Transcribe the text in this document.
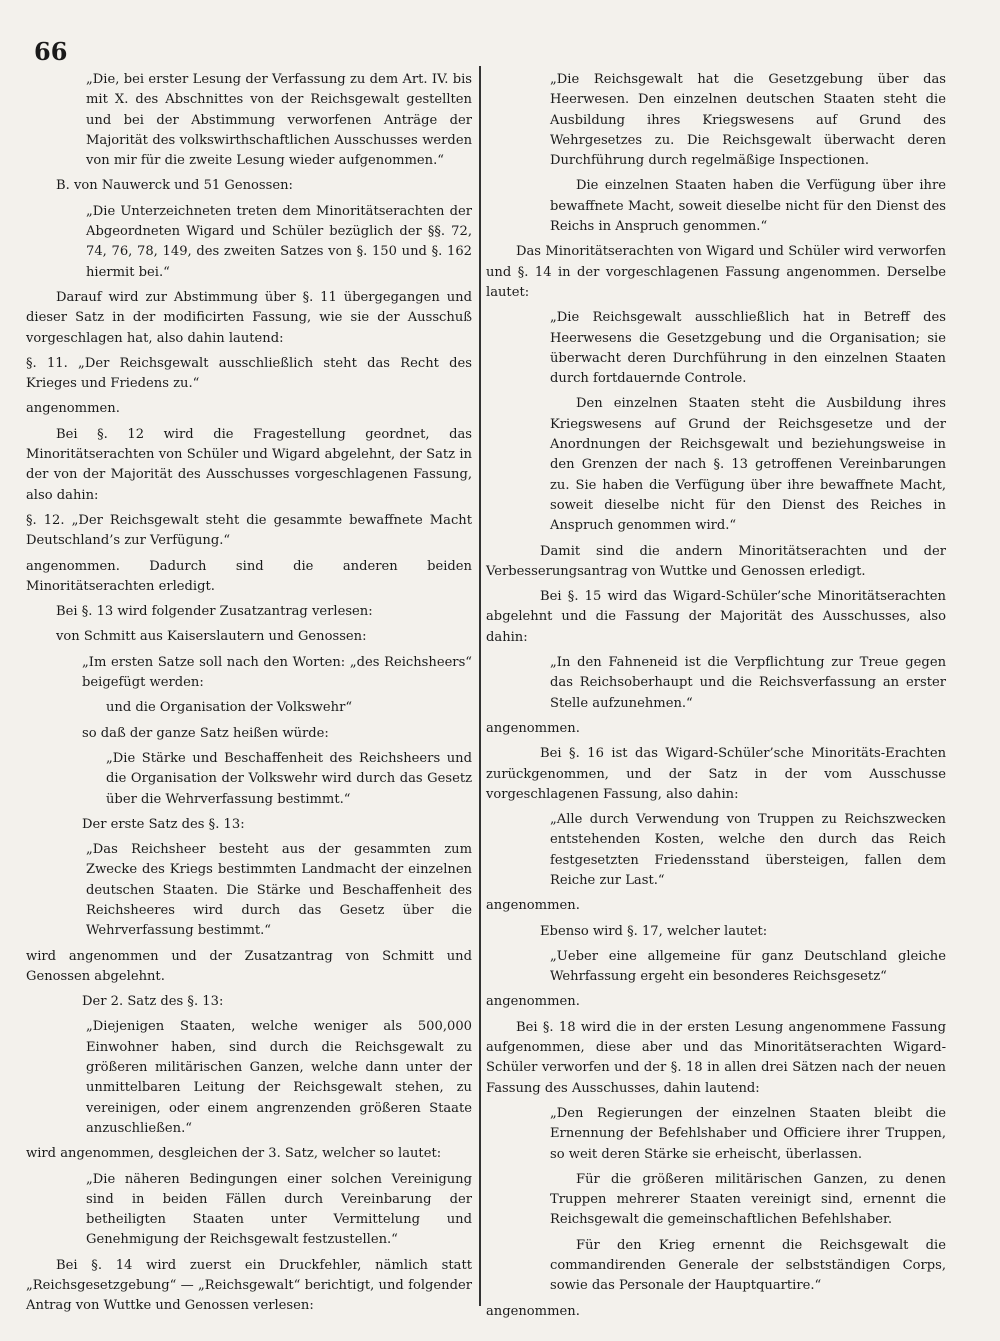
66

„Die, bei erster Lesung der Verfassung zu dem Art. IV. bis mit X. des Abschnittes von der Reichsgewalt gestellten und bei der Abstimmung verworfenen Anträge der Majorität des volkswirthschaftlichen Ausschusses werden von mir für die zweite Lesung wieder aufgenommen.“

B. von Nauwerck und 51 Genossen:

„Die Unterzeichneten treten dem Minoritätserachten der Abgeordneten Wigard und Schüler bezüglich der §§. 72, 74, 76, 78, 149, des zweiten Satzes von §. 150 und §. 162 hiermit bei.“

Darauf wird zur Abstimmung über §. 11 übergegangen und dieser Satz in der modificirten Fassung, wie sie der Ausschuß vorgeschlagen hat, also dahin lautend:

§. 11. „Der Reichsgewalt ausschließlich steht das Recht des Krieges und Friedens zu.“

angenommen.

Bei §. 12 wird die Fragestellung geordnet, das Minoritätserachten von Schüler und Wigard abgelehnt, der Satz in der von der Majorität des Ausschusses vorgeschlagenen Fassung, also dahin:

§. 12. „Der Reichsgewalt steht die gesammte bewaffnete Macht Deutschland’s zur Verfügung.“

angenommen. Dadurch sind die anderen beiden Minoritätserachten erledigt.

Bei §. 13 wird folgender Zusatzantrag verlesen:

von Schmitt aus Kaiserslautern und Genossen:

„Im ersten Satze soll nach den Worten: „des Reichsheers“ beigefügt werden:

und die Organisation der Volkswehr“

so daß der ganze Satz heißen würde:

„Die Stärke und Beschaffenheit des Reichsheers und die Organisation der Volkswehr wird durch das Gesetz über die Wehrverfassung bestimmt.“

Der erste Satz des §. 13:

„Das Reichsheer besteht aus der gesammten zum Zwecke des Kriegs bestimmten Landmacht der einzelnen deutschen Staaten. Die Stärke und Beschaffenheit des Reichsheeres wird durch das Gesetz über die Wehrverfassung bestimmt.“

wird angenommen und der Zusatzantrag von Schmitt und Genossen abgelehnt.

Der 2. Satz des §. 13:

„Diejenigen Staaten, welche weniger als 500,000 Einwohner haben, sind durch die Reichsgewalt zu größeren militärischen Ganzen, welche dann unter der unmittelbaren Leitung der Reichsgewalt stehen, zu vereinigen, oder einem angrenzenden größeren Staate anzuschließen.“

wird angenommen, desgleichen der 3. Satz, welcher so lautet:

„Die näheren Bedingungen einer solchen Vereinigung sind in beiden Fällen durch Vereinbarung der betheiligten Staaten unter Vermittelung und Genehmigung der Reichsgewalt festzustellen.“

Bei §. 14 wird zuerst ein Druckfehler, nämlich statt „Reichsgesetzgebung“ — „Reichsgewalt“ berichtigt, und folgender Antrag von Wuttke und Genossen verlesen:

„Die Reichsgewalt hat die Gesetzgebung über das Heerwesen. Den einzelnen deutschen Staaten steht die Ausbildung ihres Kriegswesens auf Grund des Wehrgesetzes zu. Die Reichsgewalt überwacht deren Durchführung durch regelmäßige Inspectionen.

Die einzelnen Staaten haben die Verfügung über ihre bewaffnete Macht, soweit dieselbe nicht für den Dienst des Reichs in Anspruch genommen.“

Das Minoritätserachten von Wigard und Schüler wird verworfen und §. 14 in der vorgeschlagenen Fassung angenommen. Derselbe lautet:

„Die Reichsgewalt ausschließlich hat in Betreff des Heerwesens die Gesetzgebung und die Organisation; sie überwacht deren Durchführung in den einzelnen Staaten durch fortdauernde Controle.

Den einzelnen Staaten steht die Ausbildung ihres Kriegswesens auf Grund der Reichsgesetze und der Anordnungen der Reichsgewalt und beziehungsweise in den Grenzen der nach §. 13 getroffenen Vereinbarungen zu. Sie haben die Verfügung über ihre bewaffnete Macht, soweit dieselbe nicht für den Dienst des Reiches in Anspruch genommen wird.“

Damit sind die andern Minoritätserachten und der Verbesserungsantrag von Wuttke und Genossen erledigt.

Bei §. 15 wird das Wigard-Schüler’sche Minoritätserachten abgelehnt und die Fassung der Majorität des Ausschusses, also dahin:

„In den Fahneneid ist die Verpflichtung zur Treue gegen das Reichsoberhaupt und die Reichsverfassung an erster Stelle aufzunehmen.“

angenommen.

Bei §. 16 ist das Wigard-Schüler’sche Minoritäts-Erachten zurückgenommen, und der Satz in der vom Ausschusse vorgeschlagenen Fassung, also dahin:

„Alle durch Verwendung von Truppen zu Reichszwecken entstehenden Kosten, welche den durch das Reich festgesetzten Friedensstand übersteigen, fallen dem Reiche zur Last.“

angenommen.

Ebenso wird §. 17, welcher lautet:

„Ueber eine allgemeine für ganz Deutschland gleiche Wehrfassung ergeht ein besonderes Reichsgesetz“

angenommen.

Bei §. 18 wird die in der ersten Lesung angenommene Fassung aufgenommen, diese aber und das Minoritätserachten Wigard-Schüler verworfen und der §. 18 in allen drei Sätzen nach der neuen Fassung des Ausschusses, dahin lautend:

„Den Regierungen der einzelnen Staaten bleibt die Ernennung der Befehlshaber und Officiere ihrer Truppen, so weit deren Stärke sie erheischt, überlassen.

Für die größeren militärischen Ganzen, zu denen Truppen mehrerer Staaten vereinigt sind, ernennt die Reichsgewalt die gemeinschaftlichen Befehlshaber.

Für den Krieg ernennt die Reichsgewalt die commandirenden Generale der selbstständigen Corps, sowie das Personale der Hauptquartire.“

angenommen.
